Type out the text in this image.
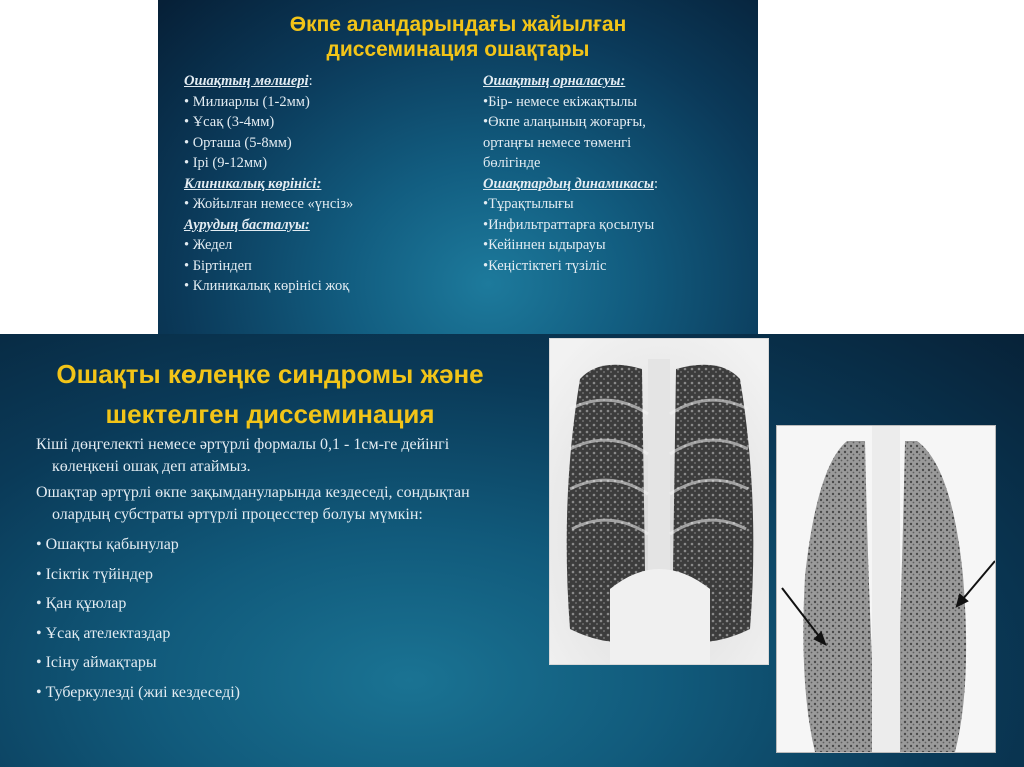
Өкпе аландарындағы жайылған
диссеминация ошақтары
Ошақтың мөлшері:
• Милиарлы (1-2мм)
• Ұсақ (3-4мм)
• Орташа (5-8мм)
• Ірі (9-12мм)
Клиникалық көрінісі:
• Жойылған немесе «үнсіз»
Аурудың басталуы:
• Жедел
• Біртіндеп
• Клиникалық көрінісі жоқ
Ошақтың орналасуы:
•Бір- немесе екіжақтылы
•Өкпе алаңының жоғарғы,
ортаңғы немесе төменгі
бөлігінде
Ошақтардың динамикасы:
•Тұрақтылығы
•Инфильтраттарға қосылуы
•Кейіннен ыдырауы
•Кеңістіктегі түзіліс
Ошақты көлеңке синдромы және
шектелген диссеминация

Кіші дөңгелекті немесе әртүрлі формалы 0,1 - 1см-ге дейінгі көлеңкені ошақ деп атаймыз.

Ошақтар әртүрлі өкпе зақымдануларында кездеседі, сондықтан олардың субстраты әртүрлі процесстер болуы мүмкін:

• Ошақты қабынулар

• Ісіктік түйіндер

• Қан құюлар

• Ұсақ ателектаздар

• Ісіну аймақтары

• Туберкулезді (жиі кездеседі)
